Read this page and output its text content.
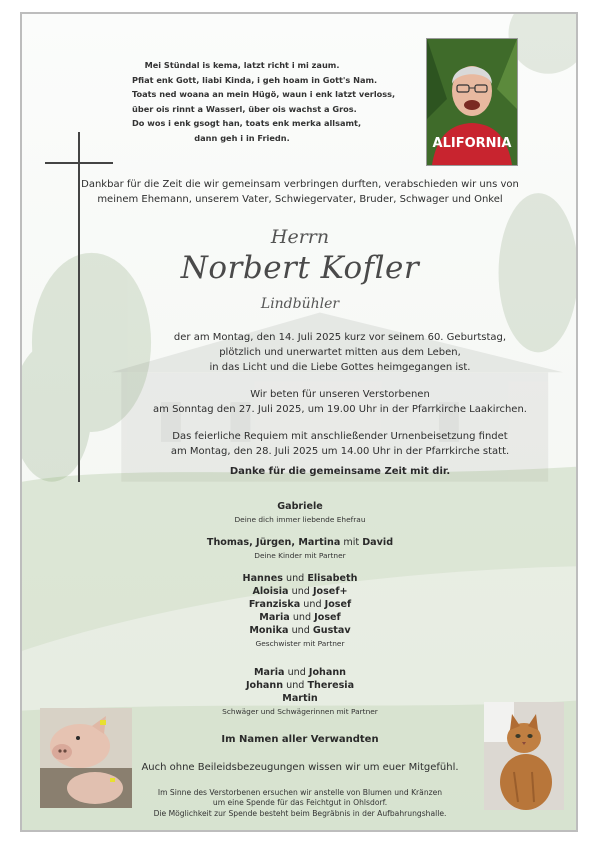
Mei Stündal is kema, latzt richt i mi zaum.
Pfiat enk Gott, liabi Kinda, i geh hoam in Gott's Nam.
Toats ned woana an mein Hügö, waun i enk latzt verloss,
über ois rinnt a Wasserl, über ois wachst a Gros.
Do wos i enk gsogt han, toats enk merka allsamt,
dann geh i in Friedn.	ALIFORNIA
Dankbar für die Zeit die wir gemeinsam verbringen durften, verabschieden wir uns von
meinem Ehemann, unserem Vater, Schwiegervater, Bruder, Schwager und Onkel
Herrn
Norbert Kofler
Lindbühler
der am Montag, den 14. Juli 2025 kurz vor seinem 60. Geburtstag,
plötzlich und unerwartet mitten aus dem Leben,
in das Licht und die Liebe Gottes heimgegangen ist.
Wir beten für unseren Verstorbenen
am Sonntag den 27. Juli 2025, um 19.00 Uhr in der Pfarrkirche Laakirchen.
Das feierliche Requiem mit anschließender Urnenbeisetzung findet
am Montag, den 28. Juli 2025 um 14.00 Uhr in der Pfarrkirche statt.
Danke für die gemeinsame Zeit mit dir.
Gabriele
Deine dich immer liebende Ehefrau
Thomas, Jürgen, Martina mit David
Deine Kinder mit Partner
Hannes und Elisabeth
Aloisia und Josef+
Franziska und Josef
Maria und Josef
Monika und Gustav
Geschwister mit Partner
Maria und Johann
Johann und Theresia
Martin
Schwäger und Schwägerinnen mit Partner
Im Namen aller Verwandten
Auch ohne Beileidsbezeugungen wissen wir um euer Mitgefühl.
Im Sinne des Verstorbenen ersuchen wir anstelle von Blumen und Kränzen
um eine Spende für das Feichtgut in Ohlsdorf.
Die Möglichkeit zur Spende besteht beim Begräbnis in der Aufbahrungshalle.
